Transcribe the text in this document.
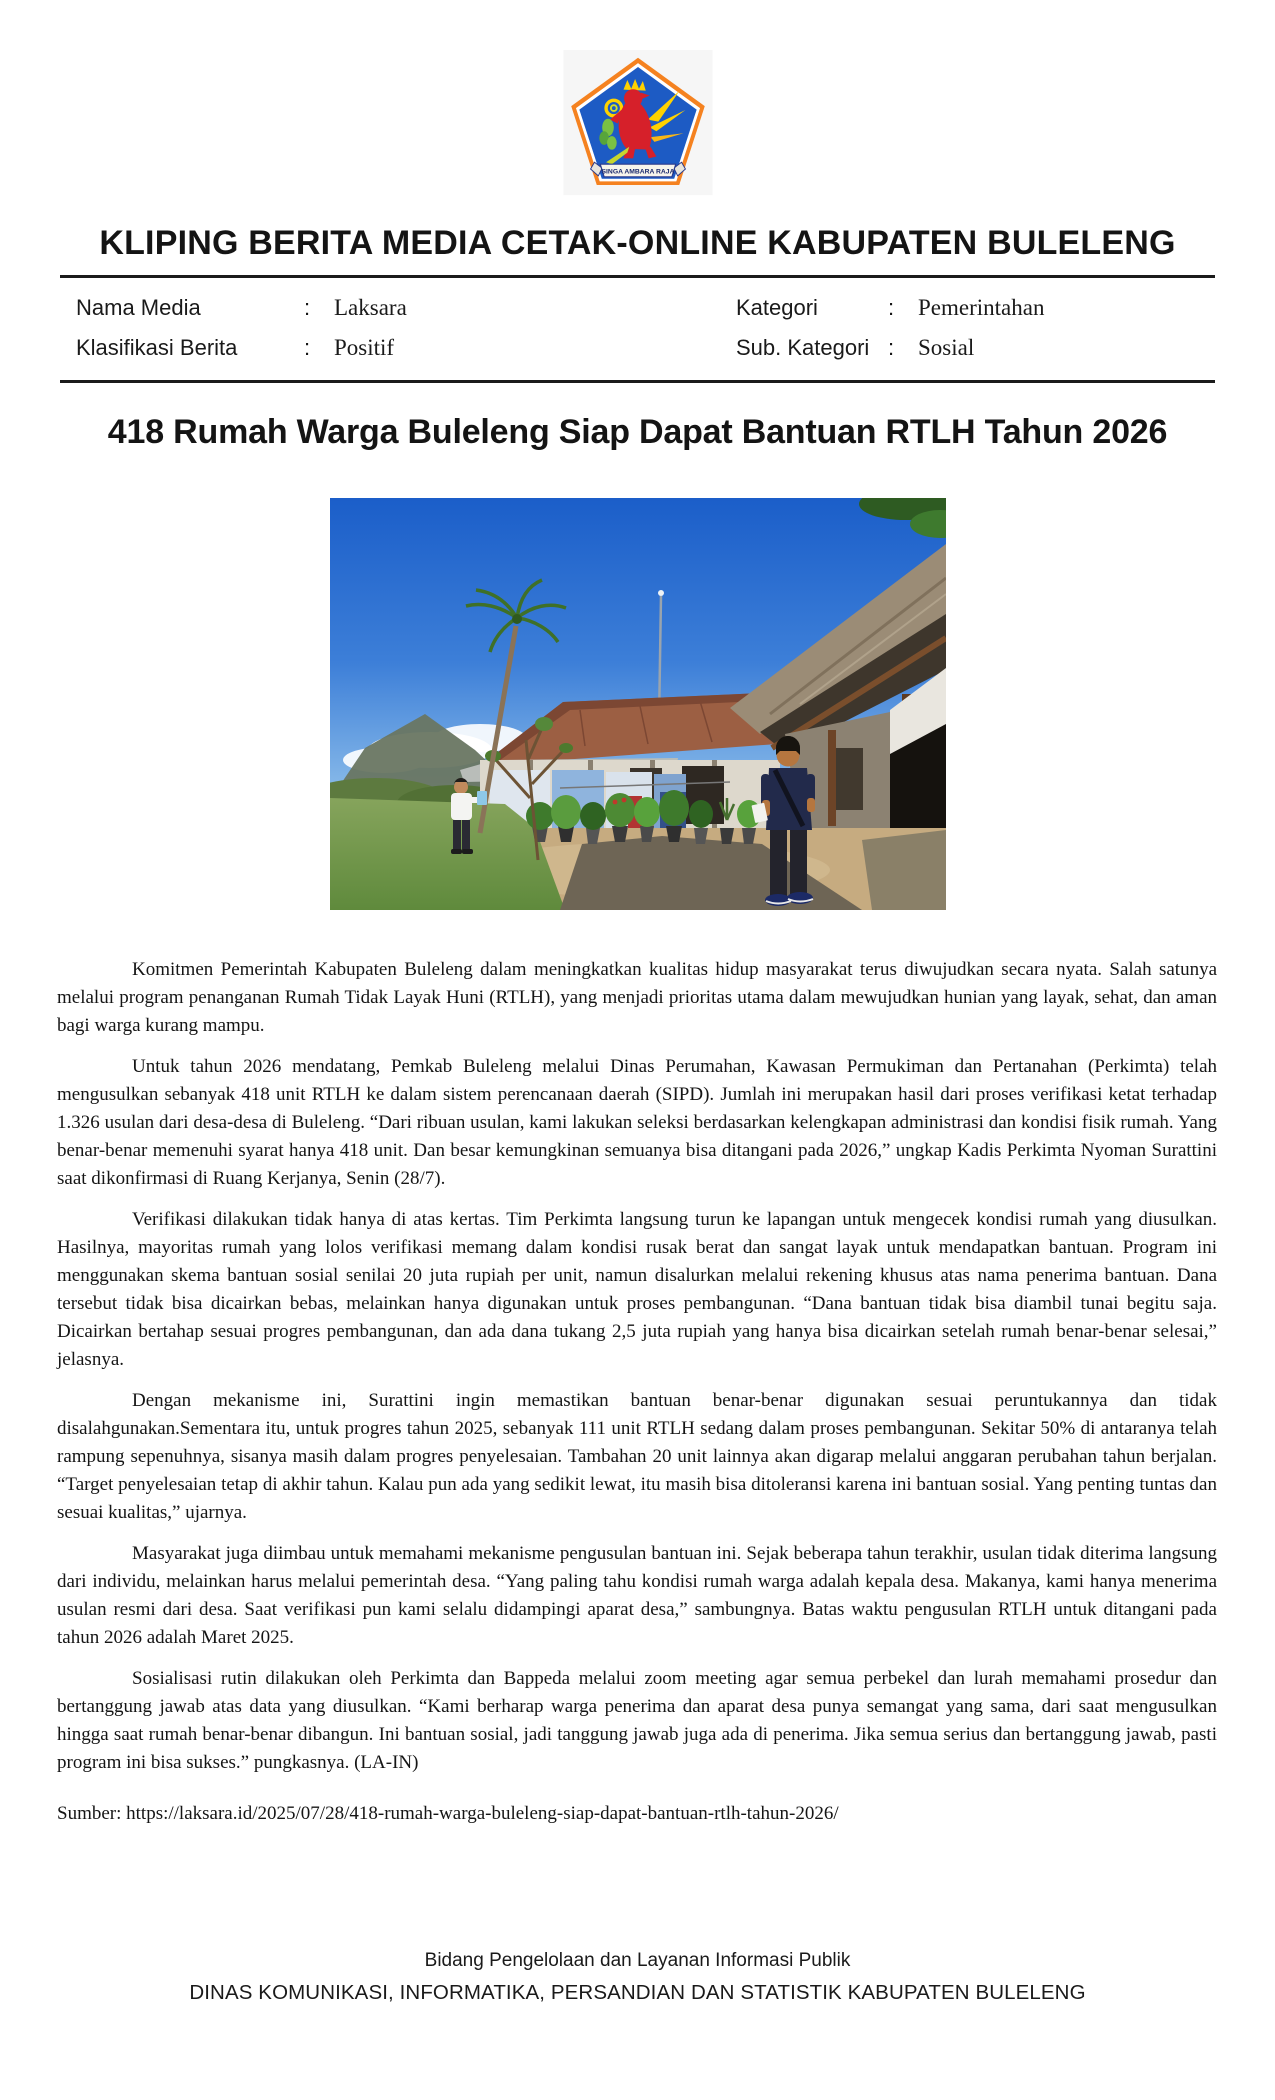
SINGA AMBARA RAJA
KLIPING BERITA MEDIA CETAK-ONLINE KABUPATEN BULELENG
Nama Media	:	Laksara	Kategori	:	Pemerintahan
Klasifikasi Berita	:	Positif	Sub. Kategori :	Sosial
418 Rumah Warga Buleleng Siap Dapat Bantuan RTLH Tahun 2026

Komitmen Pemerintah Kabupaten Buleleng dalam meningkatkan kualitas hidup masyarakat terus diwujudkan secara nyata. Salah satunya melalui program penanganan Rumah Tidak Layak Huni (RTLH), yang menjadi prioritas utama dalam mewujudkan hunian yang layak, sehat, dan aman bagi warga kurang mampu.

Untuk tahun 2026 mendatang, Pemkab Buleleng melalui Dinas Perumahan, Kawasan Permukiman dan Pertanahan (Perkimta) telah mengusulkan sebanyak 418 unit RTLH ke dalam sistem perencanaan daerah (SIPD). Jumlah ini merupakan hasil dari proses verifikasi ketat terhadap 1.326 usulan dari desa-desa di Buleleng. “Dari ribuan usulan, kami lakukan seleksi berdasarkan kelengkapan administrasi dan kondisi fisik rumah. Yang benar-benar memenuhi syarat hanya 418 unit. Dan besar kemungkinan semuanya bisa ditangani pada 2026,” ungkap Kadis Perkimta Nyoman Surattini saat dikonfirmasi di Ruang Kerjanya, Senin (28/7).

Verifikasi dilakukan tidak hanya di atas kertas. Tim Perkimta langsung turun ke lapangan untuk mengecek kondisi rumah yang diusulkan. Hasilnya, mayoritas rumah yang lolos verifikasi memang dalam kondisi rusak berat dan sangat layak untuk mendapatkan bantuan. Program ini menggunakan skema bantuan sosial senilai 20 juta rupiah per unit, namun disalurkan melalui rekening khusus atas nama penerima bantuan. Dana tersebut tidak bisa dicairkan bebas, melainkan hanya digunakan untuk proses pembangunan. “Dana bantuan tidak bisa diambil tunai begitu saja. Dicairkan bertahap sesuai progres pembangunan, dan ada dana tukang 2,5 juta rupiah yang hanya bisa dicairkan setelah rumah benar-benar selesai,” jelasnya.

Dengan mekanisme ini, Surattini ingin memastikan bantuan benar-benar digunakan sesuai peruntukannya dan tidak disalahgunakan.Sementara itu, untuk progres tahun 2025, sebanyak 111 unit RTLH sedang dalam proses pembangunan. Sekitar 50% di antaranya telah rampung sepenuhnya, sisanya masih dalam progres penyelesaian. Tambahan 20 unit lainnya akan digarap melalui anggaran perubahan tahun berjalan. “Target penyelesaian tetap di akhir tahun. Kalau pun ada yang sedikit lewat, itu masih bisa ditoleransi karena ini bantuan sosial. Yang penting tuntas dan sesuai kualitas,” ujarnya.

Masyarakat juga diimbau untuk memahami mekanisme pengusulan bantuan ini. Sejak beberapa tahun terakhir, usulan tidak diterima langsung dari individu, melainkan harus melalui pemerintah desa. “Yang paling tahu kondisi rumah warga adalah kepala desa. Makanya, kami hanya menerima usulan resmi dari desa. Saat verifikasi pun kami selalu didampingi aparat desa,” sambungnya. Batas waktu pengusulan RTLH untuk ditangani pada tahun 2026 adalah Maret 2025.

Sosialisasi rutin dilakukan oleh Perkimta dan Bappeda melalui zoom meeting agar semua perbekel dan lurah memahami prosedur dan bertanggung jawab atas data yang diusulkan. “Kami berharap warga penerima dan aparat desa punya semangat yang sama, dari saat mengusulkan hingga saat rumah benar-benar dibangun. Ini bantuan sosial, jadi tanggung jawab juga ada di penerima. Jika semua serius dan bertanggung jawab, pasti program ini bisa sukses.” pungkasnya. (LA-IN)

Sumber: https://laksara.id/2025/07/28/418-rumah-warga-buleleng-siap-dapat-bantuan-rtlh-tahun-2026/

Bidang Pengelolaan dan Layanan Informasi Publik

DINAS KOMUNIKASI, INFORMATIKA, PERSANDIAN DAN STATISTIK KABUPATEN BULELENG
